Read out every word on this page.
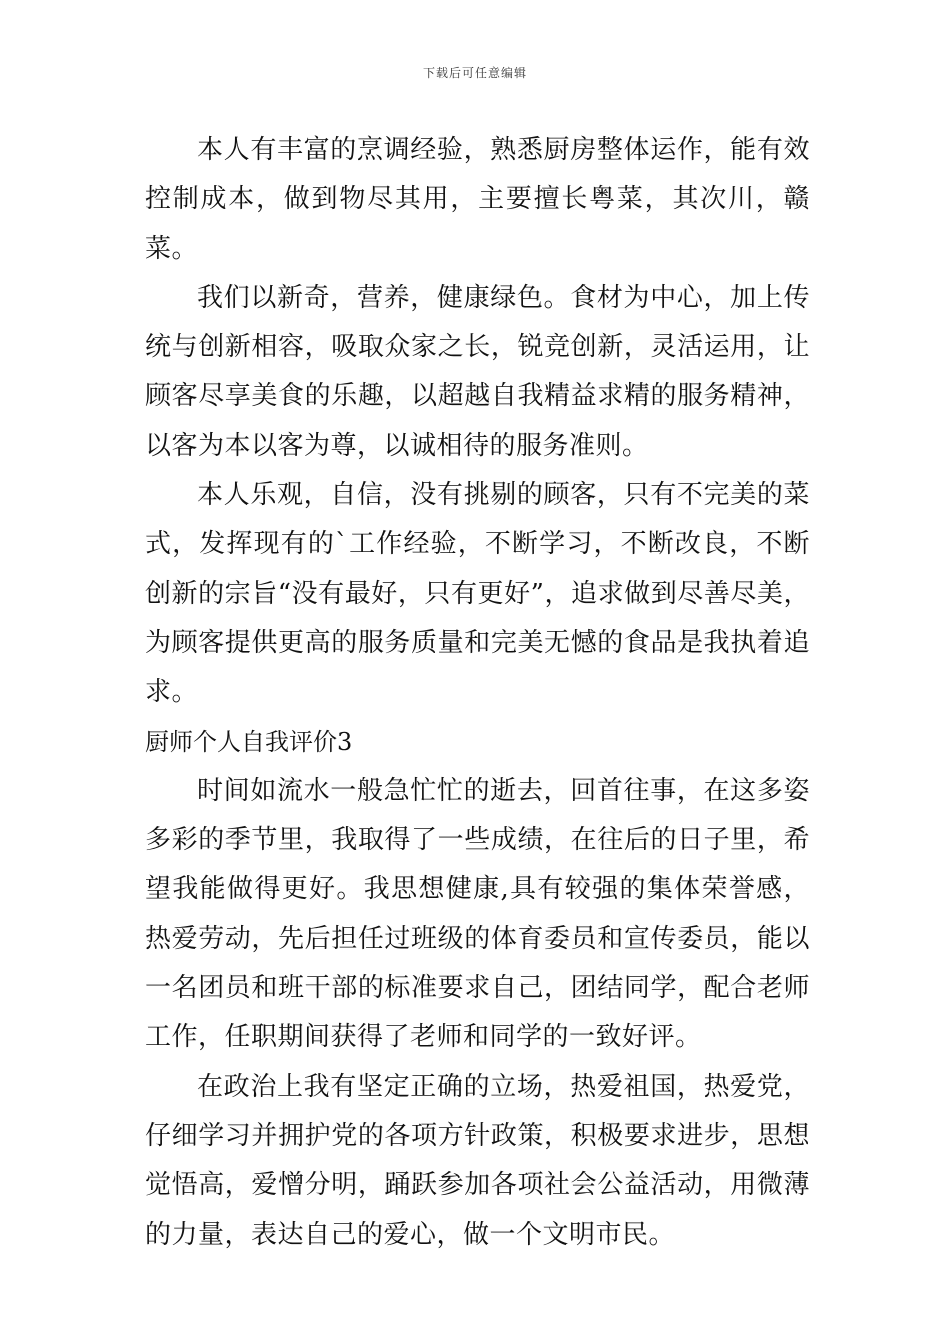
下载后可任意编辑

本人有丰富的烹调经验，熟悉厨房整体运作，能有效控制成本，做到物尽其用，主要擅长粤菜，其次川，赣菜。

我们以新奇，营养，健康绿色。食材为中心，加上传统与创新相容，吸取众家之长，锐竞创新，灵活运用，让顾客尽享美食的乐趣，以超越自我精益求精的服务精神，以客为本以客为尊，以诚相待的服务准则。

本人乐观，自信，没有挑剔的顾客，只有不完美的菜式，发挥现有的`工作经验，不断学习，不断改良，不断创新的宗旨“没有最好，只有更好”，追求做到尽善尽美，为顾客提供更高的服务质量和完美无憾的食品是我执着追求。

厨师个人自我评价3

时间如流水一般急忙忙的逝去，回首往事，在这多姿多彩的季节里，我取得了一些成绩，在往后的日子里，希望我能做得更好。我思想健康,具有较强的集体荣誉感，热爱劳动，先后担任过班级的体育委员和宣传委员，能以一名团员和班干部的标准要求自己，团结同学，配合老师工作，任职期间获得了老师和同学的一致好评。

在政治上我有坚定正确的立场，热爱祖国，热爱党，仔细学习并拥护党的各项方针政策，积极要求进步，思想觉悟高，爱憎分明，踊跃参加各项社会公益活动，用微薄的力量，表达自己的爱心，做一个文明市民。
